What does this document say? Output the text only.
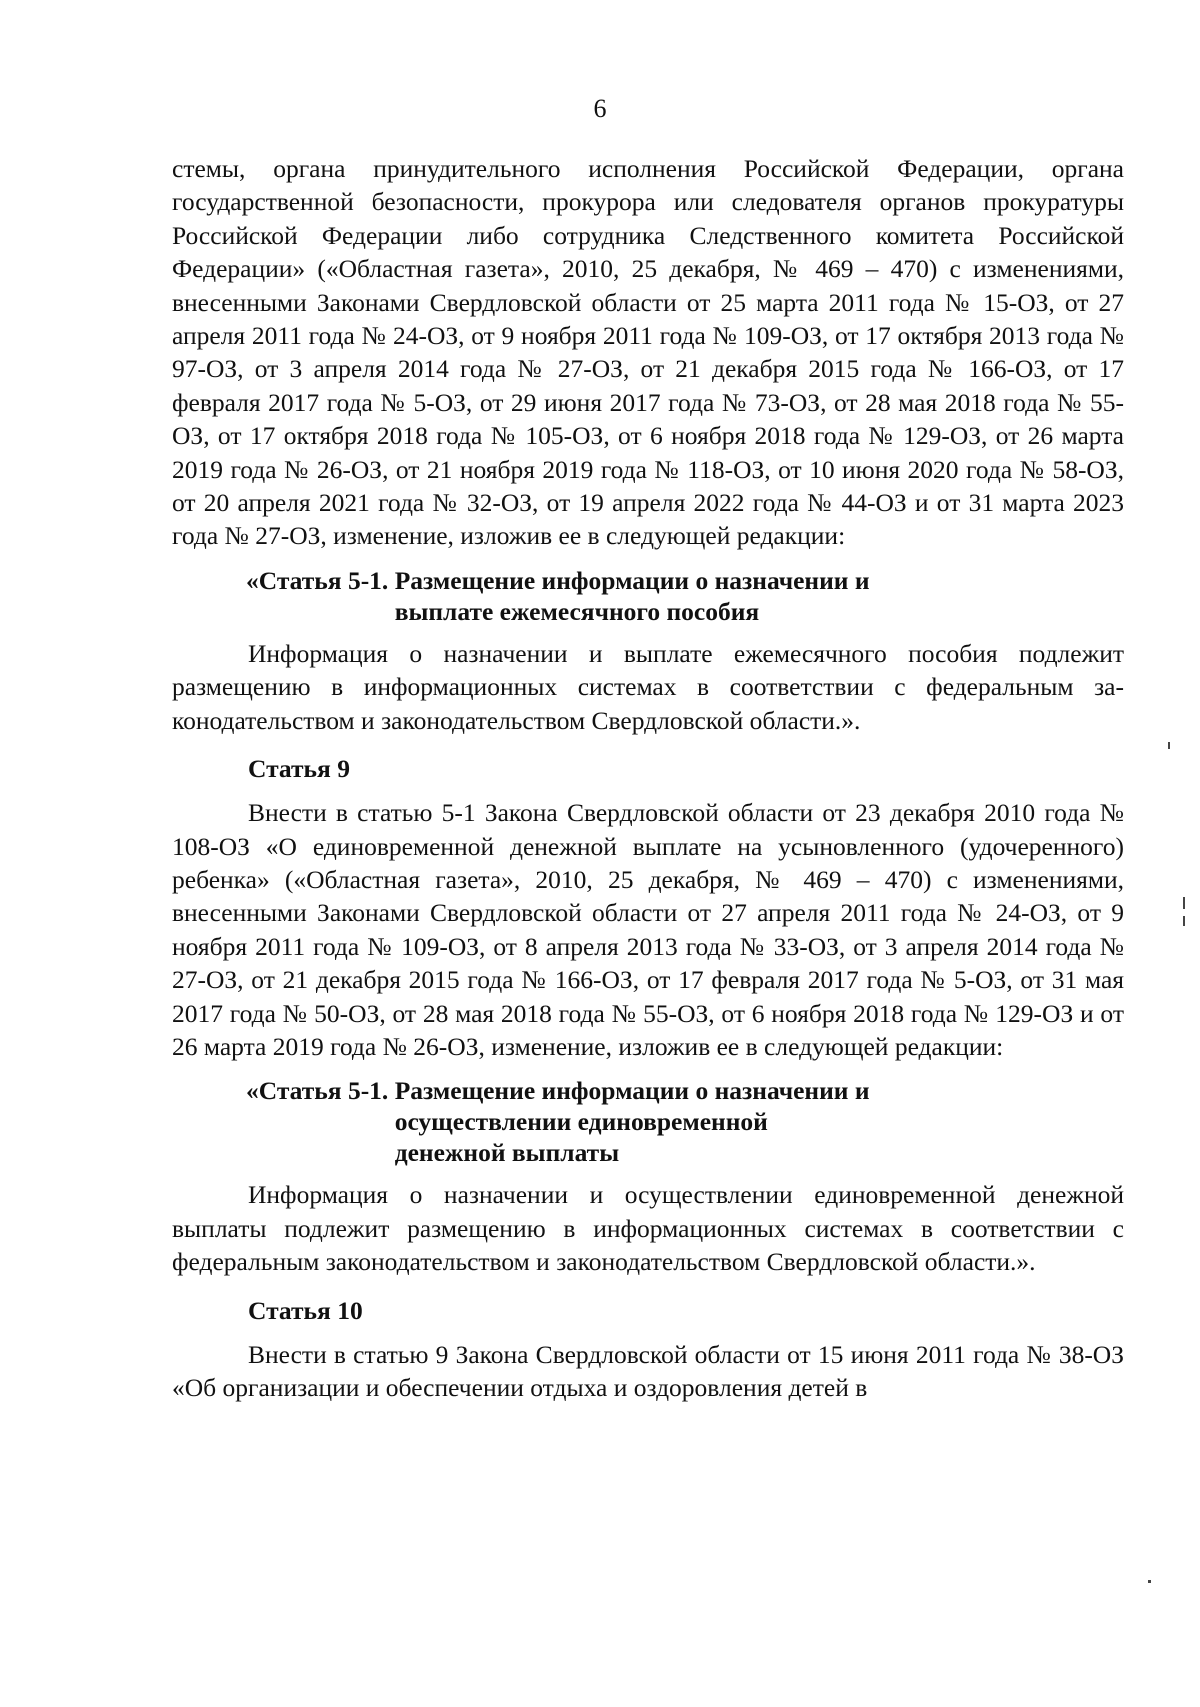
6

стемы, органа принудительного исполнения Российской Федерации, органа государственной безопасности, прокурора или следователя органов прокуратуры Российской Федерации либо сотрудника Следственного комитета Российской Федерации» («Областная газета», 2010, 25 декабря, № 469 – 470) с изменениями, внесенными Законами Свердловской области от 25 марта 2011 года № 15-ОЗ, от 27 апреля 2011 года № 24-ОЗ, от 9 ноября 2011 года № 109-ОЗ, от 17 октября 2013 года № 97-ОЗ, от 3 апреля 2014 года № 27-ОЗ, от 21 декабря 2015 года № 166-ОЗ, от 17 февраля 2017 года № 5-ОЗ, от 29 июня 2017 года № 73-ОЗ, от 28 мая 2018 года № 55-ОЗ, от 17 октября 2018 года № 105-ОЗ, от 6 ноября 2018 года № 129-ОЗ, от 26 марта 2019 года № 26-ОЗ, от 21 ноября 2019 года № 118-ОЗ, от 10 июня 2020 года № 58-ОЗ, от 20 апреля 2021 года № 32-ОЗ, от 19 апреля 2022 года № 44-ОЗ и от 31 марта 2023 года № 27-ОЗ, изменение, изложив ее в следующей редакции:

«Статья 5-1. Размещение информации о назначении и
выплате ежемесячного пособия

Информация о назначении и выплате ежемесячного пособия подлежит размещению в информационных системах в соответствии с федеральным законодательством и законодательством Свердловской области.».

Статья 9

Внести в статью 5-1 Закона Свердловской области от 23 декабря 2010 года № 108-ОЗ «О единовременной денежной выплате на усыновленного (удочеренного) ребенка» («Областная газета», 2010, 25 декабря, № 469 – 470) с изменениями, внесенными Законами Свердловской области от 27 апреля 2011 года № 24-ОЗ, от 9 ноября 2011 года № 109-ОЗ, от 8 апреля 2013 года № 33-ОЗ, от 3 апреля 2014 года № 27-ОЗ, от 21 декабря 2015 года № 166-ОЗ, от 17 февраля 2017 года № 5-ОЗ, от 31 мая 2017 года № 50-ОЗ, от 28 мая 2018 года № 55-ОЗ, от 6 ноября 2018 года № 129-ОЗ и от 26 марта 2019 года № 26-ОЗ, изменение, изложив ее в следующей редакции:

«Статья 5-1. Размещение информации о назначении и
осуществлении единовременной
денежной выплаты

Информация о назначении и осуществлении единовременной денежной выплаты подлежит размещению в информационных системах в соответствии с федеральным законодательством и законодательством Свердловской области.».

Статья 10

Внести в статью 9 Закона Свердловской области от 15 июня 2011 года № 38-ОЗ «Об организации и обеспечении отдыха и оздоровления детей в
